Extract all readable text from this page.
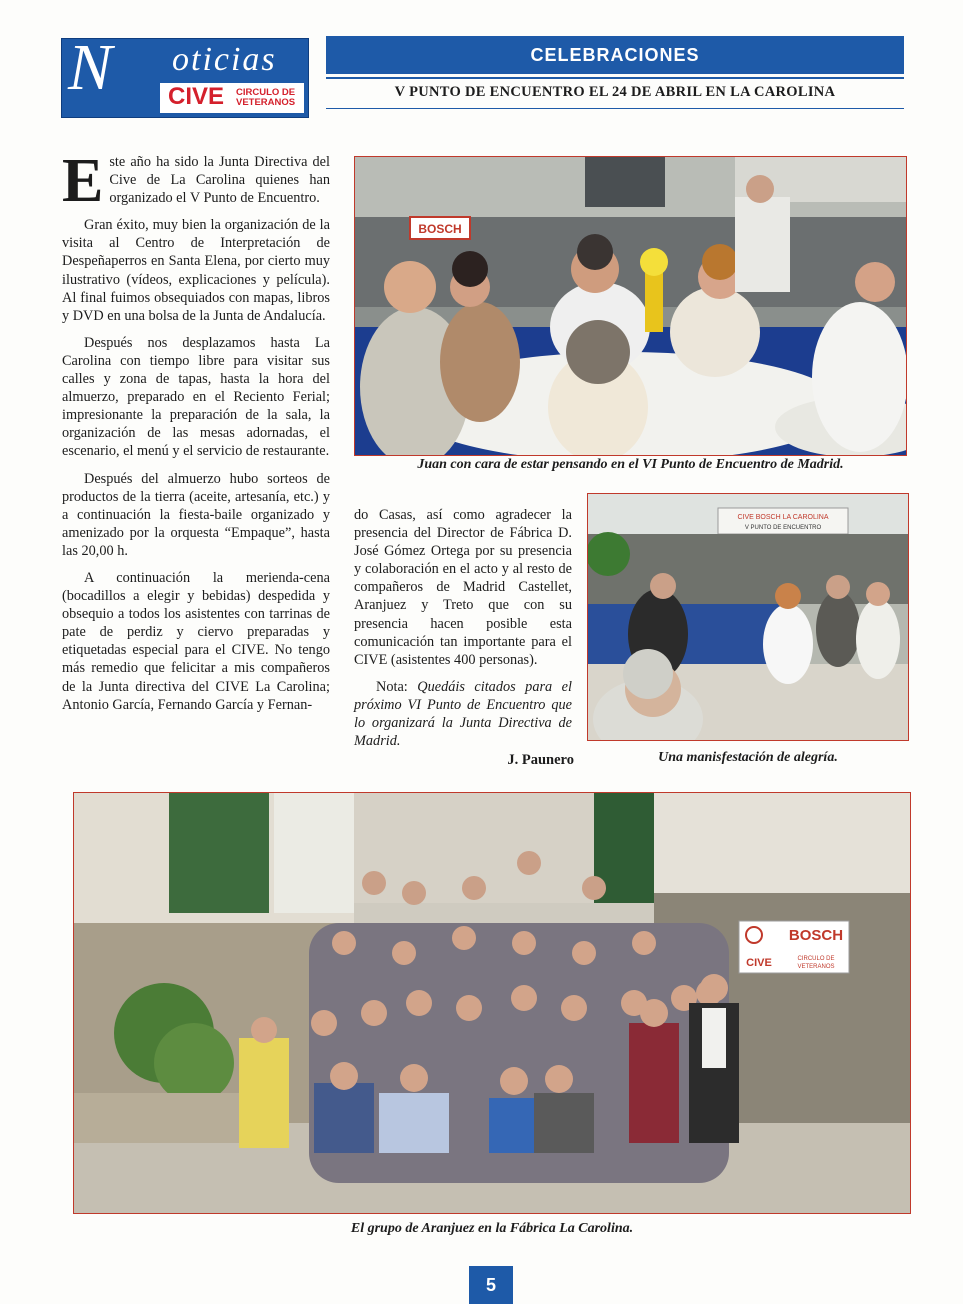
N oticias
CIVE CIRCULO DE
VETERANOS
CELEBRACIONES
V PUNTO DE ENCUENTRO EL 24 DE ABRIL EN LA CAROLINA

Este año ha sido la Junta Directiva del Cive de La Carolina quienes han organizado el V Punto de Encuentro.

Gran éxito, muy bien la organización de la visita al Centro de Interpretación de Despeñaperros en Santa Elena, por cierto muy ilustrativo (vídeos, explicaciones y película). Al final fuimos obsequiados con mapas, libros y DVD en una bolsa de la Junta de Andalucía.

Después nos desplazamos hasta La Carolina con tiempo libre para visitar sus calles y zona de tapas, hasta la hora del almuerzo, preparado en el Reciento Ferial; impresionante la preparación de la sala, la organización de las mesas adornadas, el escenario, el menú y el servicio de restaurante.

Después del almuerzo hubo sorteos de productos de la tierra (aceite, artesanía, etc.) y a continuación la fiesta-baile organizado y amenizado por la orquesta “Empaque”, hasta las 20,00 h.

A continuación la merienda-cena (bocadillos a elegir y bebidas) despedida y obsequio a todos los asistentes con tarrinas de pate de perdiz y ciervo preparadas y etiquetadas especial para el CIVE. No tengo más remedio que felicitar a mis compañeros de la Junta directiva del CIVE La Carolina; Antonio García, Fernando García y Fernan-

do Casas, así como agradecer la presencia del Director de Fábrica D. José Gómez Ortega por su presencia y colaboración en el acto y al resto de compañeros de Madrid Castellet, Aranjuez y Treto que con su presencia hacen posible esta comunicación tan importante para el CIVE (asistentes 400 personas).

Nota: Quedáis citados para el próximo VI Punto de Encuentro que lo organizará la Junta Directiva de Madrid.

J. Paunero
BOSCH
Juan con cara de estar pensando en el VI Punto de Encuentro de Madrid.
CIVE BOSCH LA CAROLINA
V PUNTO DE ENCUENTRO
Una manisfestación de alegría.
BOSCH
CIVE	CIRCULO DE
VETERANOS
El grupo de Aranjuez en la Fábrica La Carolina.
5
